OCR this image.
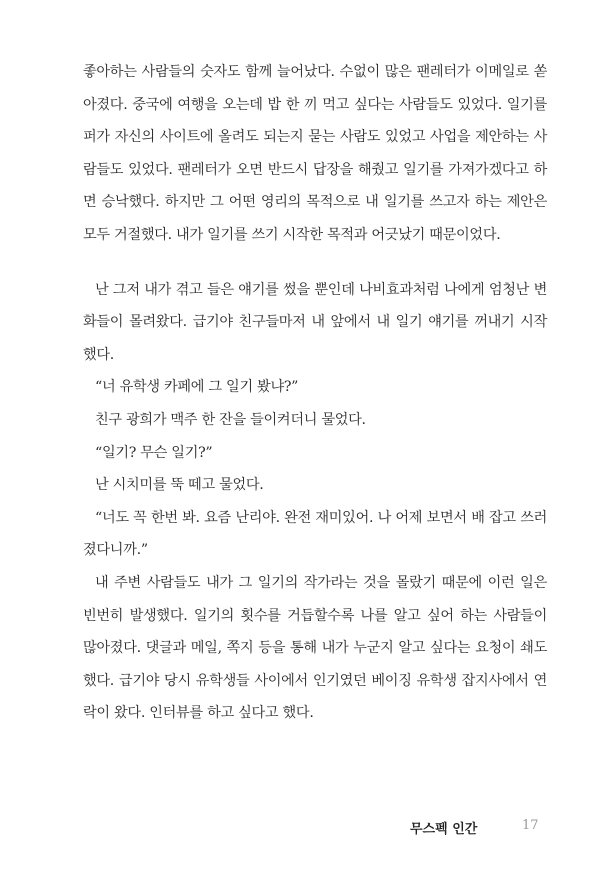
좋아하는 사람들의 숫자도 함께 늘어났다. 수없이 많은 팬레터가 이메일로 쏟
아졌다. 중국에 여행을 오는데 밥 한 끼 먹고 싶다는 사람들도 있었다. 일기를
퍼가 자신의 사이트에 올려도 되는지 묻는 사람도 있었고 사업을 제안하는 사
람들도 있었다. 팬레터가 오면 반드시 답장을 해줬고 일기를 가져가겠다고 하
면 승낙했다. 하지만 그 어떤 영리의 목적으로 내 일기를 쓰고자 하는 제안은
모두 거절했다. 내가 일기를 쓰기 시작한 목적과 어긋났기 때문이었다.
난 그저 내가 겪고 들은 얘기를 썼을 뿐인데 나비효과처럼 나에게 엄청난 변
화들이 몰려왔다. 급기야 친구들마저 내 앞에서 내 일기 얘기를 꺼내기 시작
했다.
“너 유학생 카페에 그 일기 봤냐?”
친구 광희가 맥주 한 잔을 들이켜더니 물었다.
“일기? 무슨 일기?”
난 시치미를 뚝 떼고 물었다.
“너도 꼭 한번 봐. 요즘 난리야. 완전 재미있어. 나 어제 보면서 배 잡고 쓰러
졌다니까.”
내 주변 사람들도 내가 그 일기의 작가라는 것을 몰랐기 때문에 이런 일은
빈번히 발생했다. 일기의 횟수를 거듭할수록 나를 알고 싶어 하는 사람들이
많아졌다. 댓글과 메일, 쪽지 등을 통해 내가 누군지 알고 싶다는 요청이 쇄도
했다. 급기야 당시 유학생들 사이에서 인기였던 베이징 유학생 잡지사에서 연
락이 왔다. 인터뷰를 하고 싶다고 했다.
무스펙 인간	17
